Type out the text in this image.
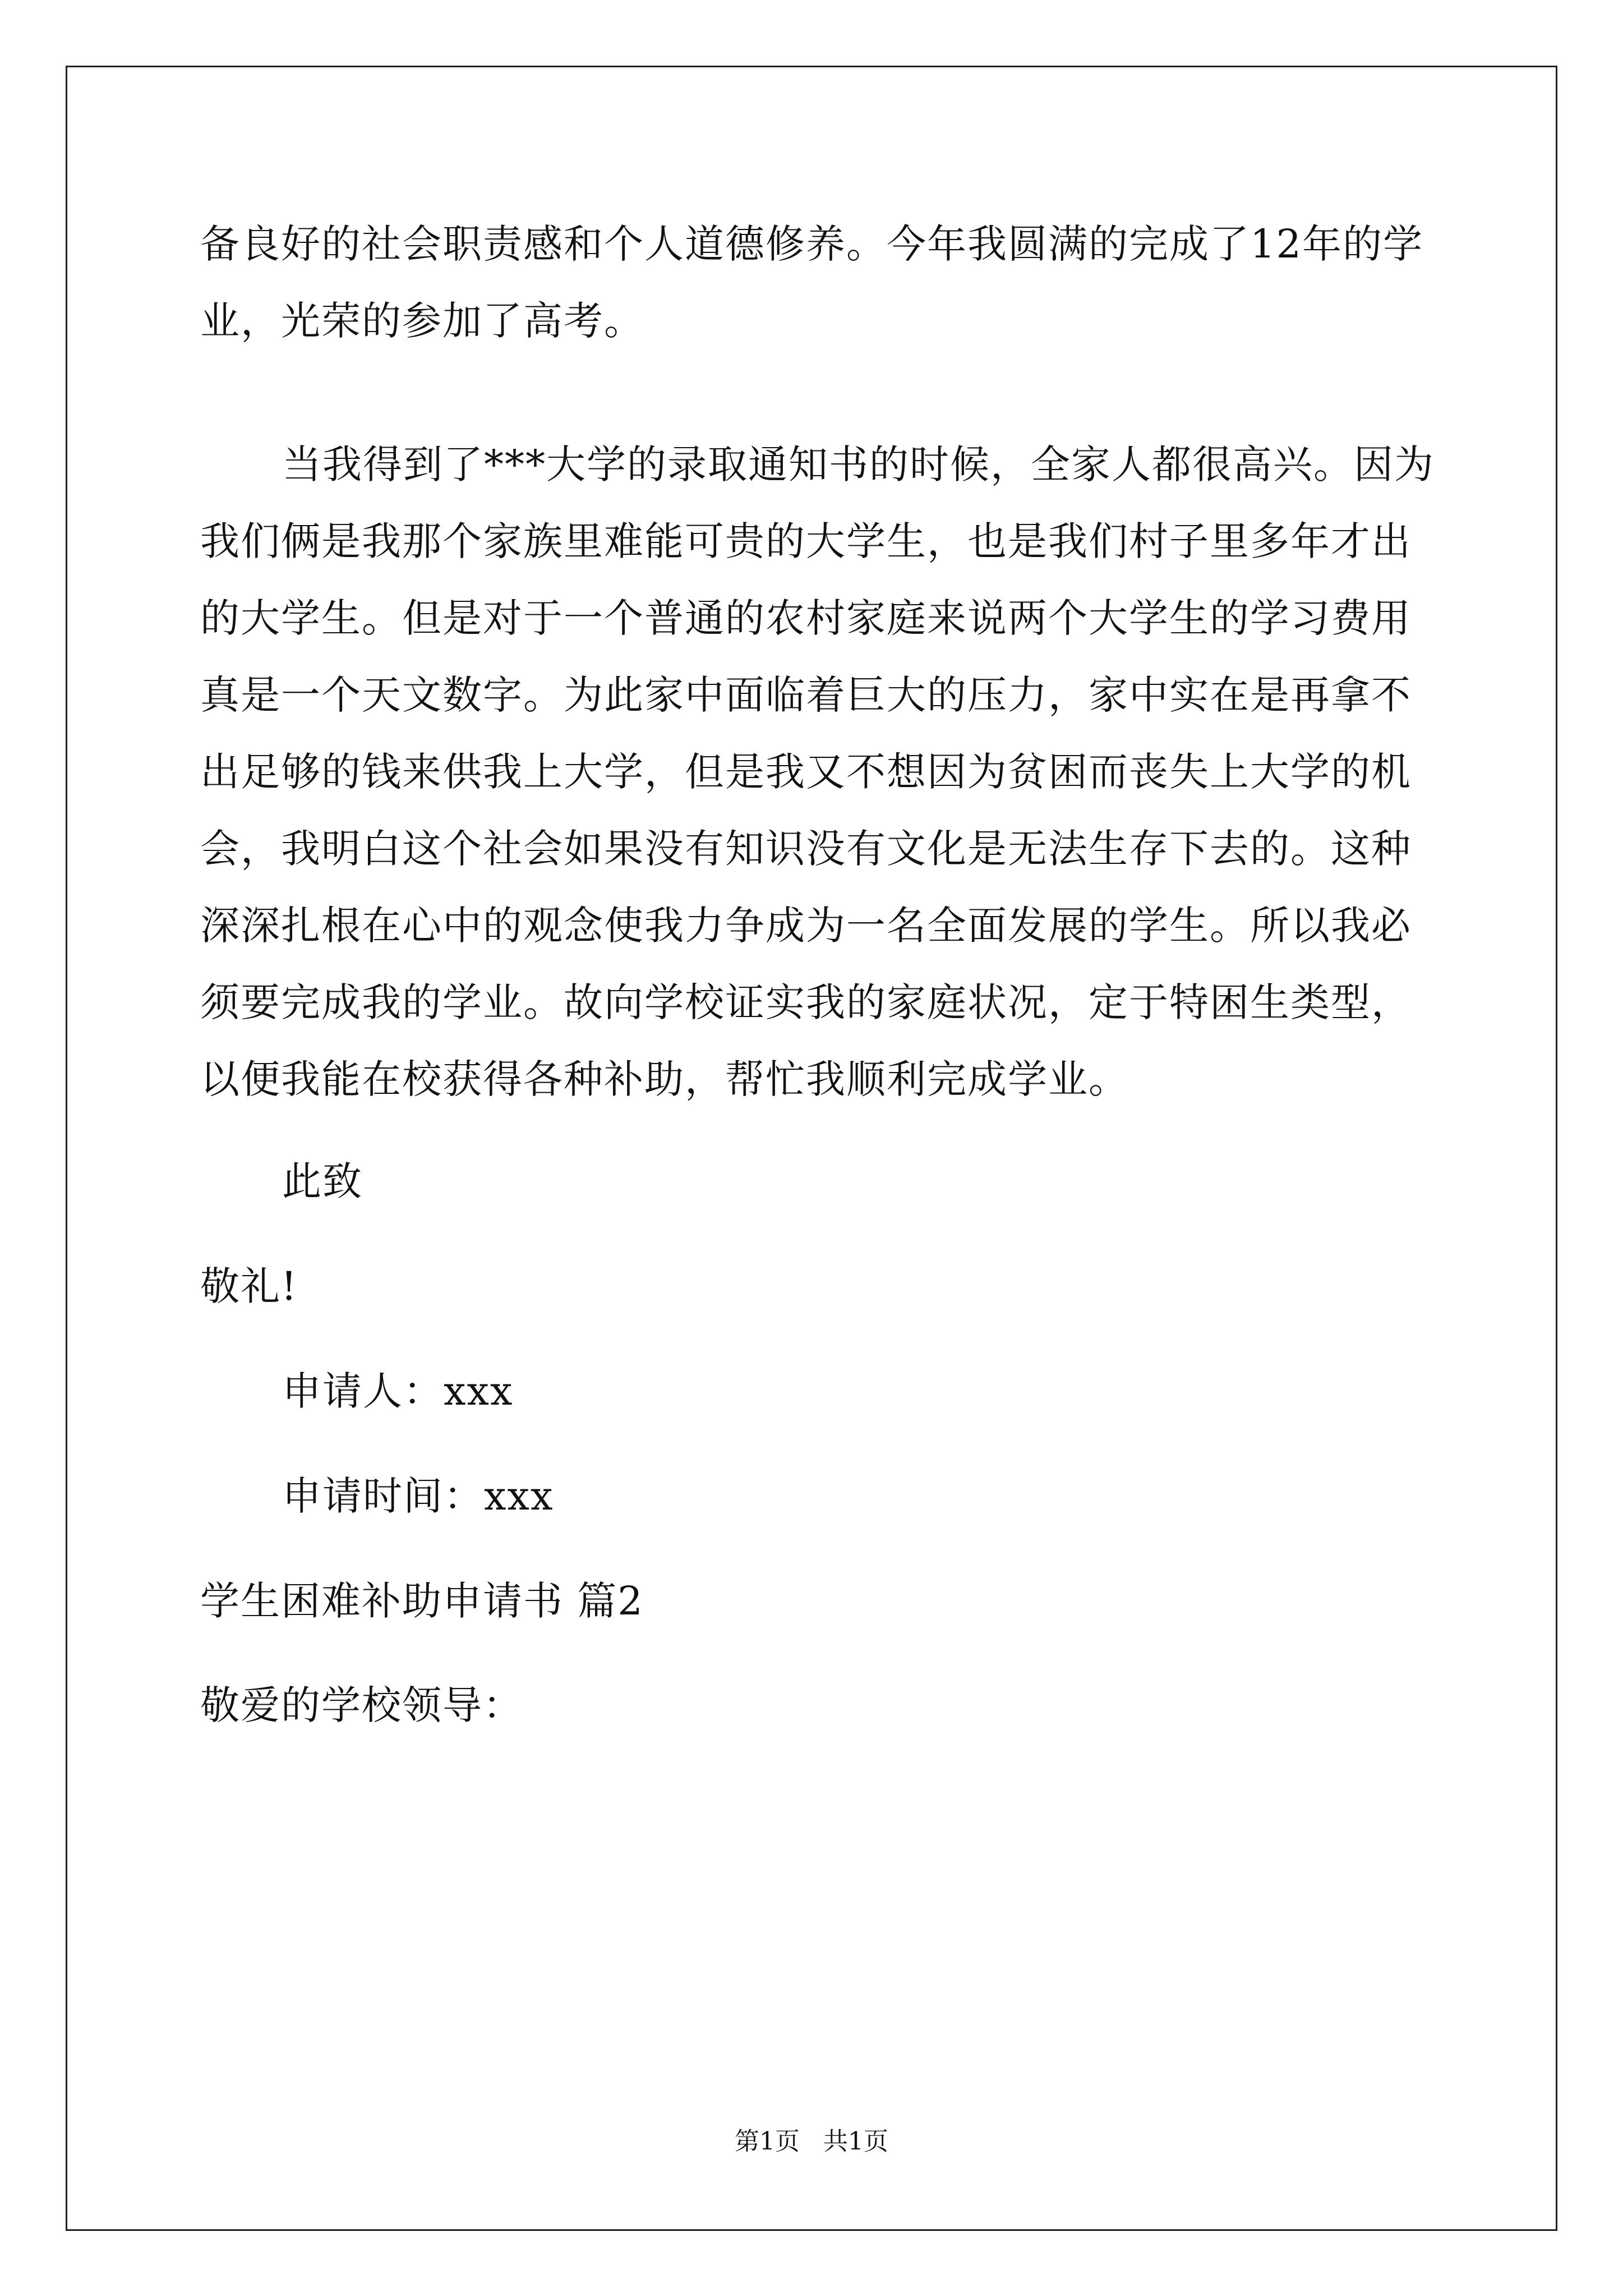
备良好的社会职责感和个人道德修养。今年我圆满的完成了12年的学
业，光荣的参加了高考。
当我得到了***大学的录取通知书的时候，全家人都很高兴。因为
我们俩是我那个家族里难能可贵的大学生，也是我们村子里多年才出
的大学生。但是对于一个普通的农村家庭来说两个大学生的学习费用
真是一个天文数字。为此家中面临着巨大的压力，家中实在是再拿不
出足够的钱来供我上大学，但是我又不想因为贫困而丧失上大学的机
会，我明白这个社会如果没有知识没有文化是无法生存下去的。这种
深深扎根在心中的观念使我力争成为一名全面发展的学生。所以我必
须要完成我的学业。故向学校证实我的家庭状况，定于特困生类型，
以便我能在校获得各种补助，帮忙我顺利完成学业。
此致
敬礼!
申请人：xxx
申请时间：xxx
学生困难补助申请书 篇2
敬爱的学校领导：
第1页   共1页
